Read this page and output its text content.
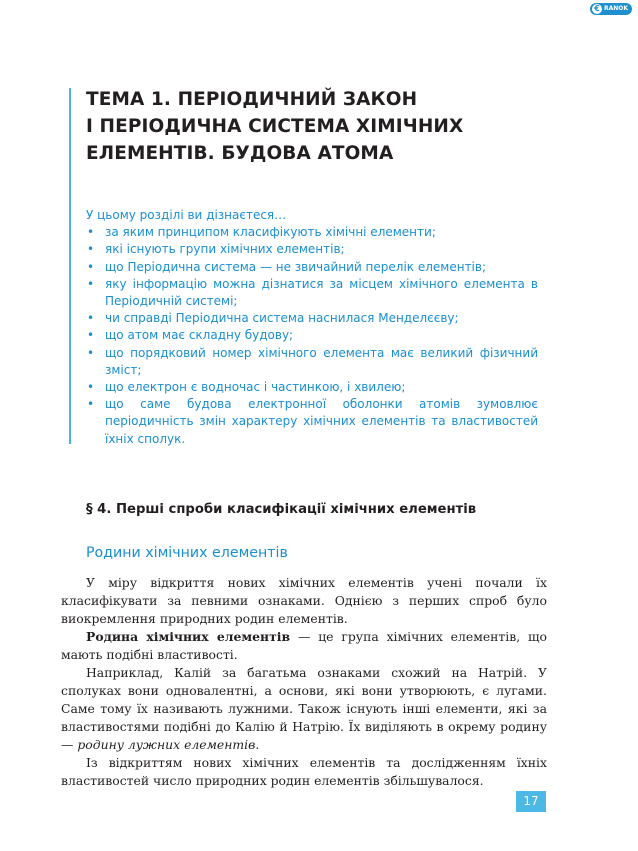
€ RANOK
ТЕМА 1. ПЕРІОДИЧНИЙ ЗАКОН
І ПЕРІОДИЧНА СИСТЕМА ХІМІЧНИХ
ЕЛЕМЕНТІВ. БУДОВА АТОМА
У цьому розділі ви дізнаєтеся…
• за яким принципом класифікують хімічні елементи;
• які існують групи хімічних елементів;
• що Періодична система — не звичайний перелік елементів;
• яку інформацію можна дізнатися за місцем хімічного елемента в Періодичній системі;
• чи справді Періодична система наснилася Менделєєву;
• що атом має складну будову;
• що порядковий номер хімічного елемента має великий фізичний зміст;
• що електрон є водночас і частинкою, і хвилею;
• що саме будова електронної оболонки атомів зумовлює періодичність змін характеру хімічних елементів та властивостей їхніх сполук.
§ 4. Перші спроби класифікації хімічних елементів
Родини хімічних елементів

У міру відкриття нових хімічних елементів учені почали їх класифікувати за певними ознаками. Однією з перших спроб було виокремлення природних родин елементів.

Родина хімічних елементів — це група хімічних елементів, що мають подібні властивості.

Наприклад, Калій за багатьма ознаками схожий на Натрій. У сполуках вони одновалентні, а основи, які вони утворюють, є лугами. Саме тому їх називають лужними. Також існують інші елементи, які за властивостями подібні до Калію й Натрію. Їх виділяють в окрему родину — родину лужних елементів.

Із відкриттям нових хімічних елементів та дослідженням їхніх властивостей число природних родин елементів збільшувалося.

17
